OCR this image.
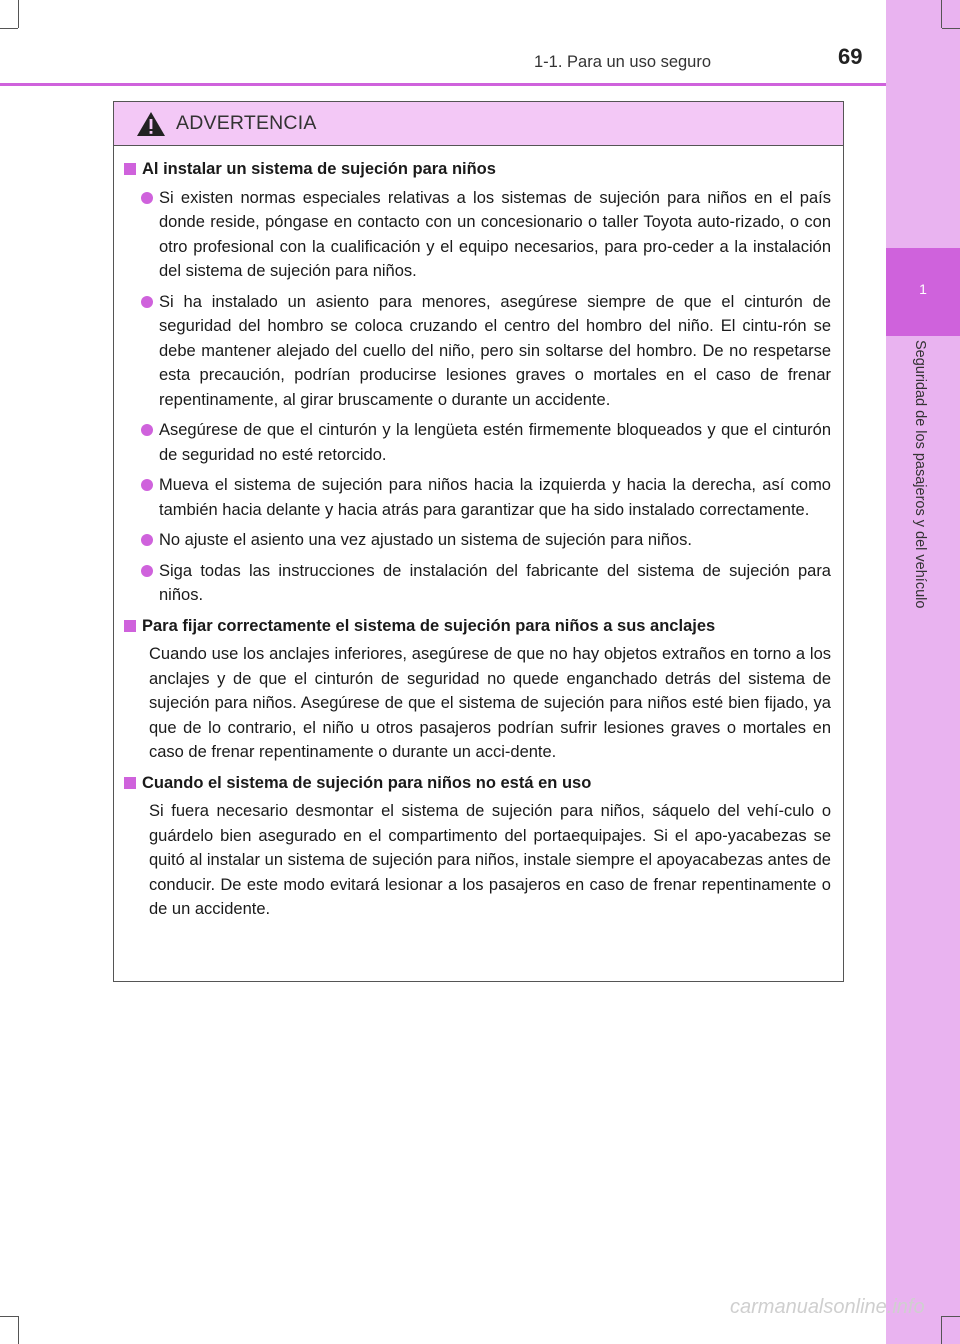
1
Seguridad de los pasajeros y del vehículo
1-1. Para un uso seguro	69
ADVERTENCIA
Al instalar un sistema de sujeción para niños
Si existen normas especiales relativas a los sistemas de sujeción para niños en el país donde reside, póngase en contacto con un concesionario o taller Toyota auto-rizado, o con otro profesional con la cualificación y el equipo necesarios, para pro-ceder a la instalación del sistema de sujeción para niños.
Si ha instalado un asiento para menores, asegúrese siempre de que el cinturón de seguridad del hombro se coloca cruzando el centro del hombro del niño. El cintu-rón se debe mantener alejado del cuello del niño, pero sin soltarse del hombro. De no respetarse esta precaución, podrían producirse lesiones graves o mortales en el caso de frenar repentinamente, al girar bruscamente o durante un accidente.
Asegúrese de que el cinturón y la lengüeta estén firmemente bloqueados y que el cinturón de seguridad no esté retorcido.
Mueva el sistema de sujeción para niños hacia la izquierda y hacia la derecha, así como también hacia delante y hacia atrás para garantizar que ha sido instalado correctamente.
No ajuste el asiento una vez ajustado un sistema de sujeción para niños.
Siga todas las instrucciones de instalación del fabricante del sistema de sujeción para niños.
Para fijar correctamente el sistema de sujeción para niños a sus anclajes
Cuando use los anclajes inferiores, asegúrese de que no hay objetos extraños en torno a los anclajes y de que el cinturón de seguridad no quede enganchado detrás del sistema de sujeción para niños. Asegúrese de que el sistema de sujeción para niños esté bien fijado, ya que de lo contrario, el niño u otros pasajeros podrían sufrir lesiones graves o mortales en caso de frenar repentinamente o durante un acci-dente.
Cuando el sistema de sujeción para niños no está en uso
Si fuera necesario desmontar el sistema de sujeción para niños, sáquelo del vehí-culo o guárdelo bien asegurado en el compartimento del portaequipajes. Si el apo-yacabezas se quitó al instalar un sistema de sujeción para niños, instale siempre el apoyacabezas antes de conducir. De este modo evitará lesionar a los pasajeros en caso de frenar repentinamente o de un accidente.
carmanualsonline.info
